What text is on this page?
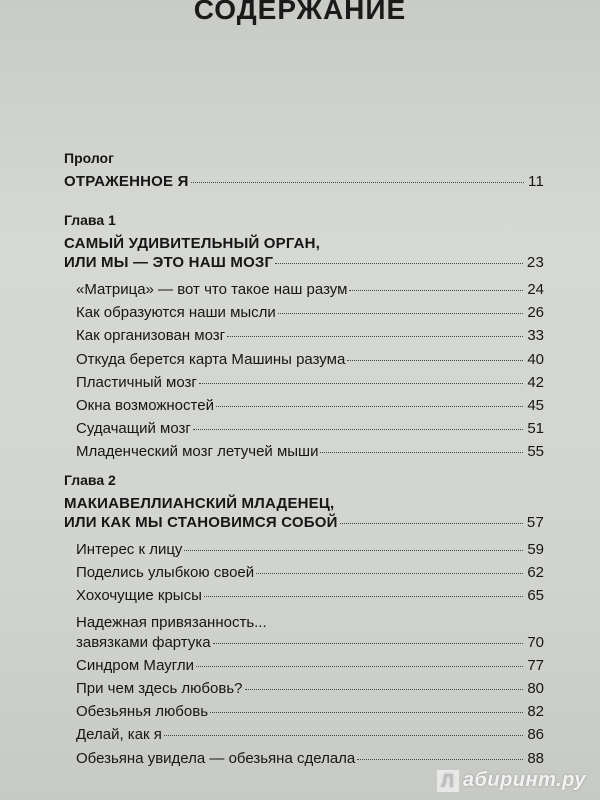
СОДЕРЖАНИЕ
Пролог
ОТРАЖЕННОЕ Я	11
Глава 1
САМЫЙ УДИВИТЕЛЬНЫЙ ОРГАН,
ИЛИ МЫ — ЭТО НАШ МОЗГ	23
«Матрица» — вот что такое наш разум	24
Как образуются наши мысли	26
Как организован мозг	33
Откуда берется карта Машины разума	40
Пластичный мозг	42
Окна возможностей	45
Судачащий мозг	51
Младенческий мозг летучей мыши	55
Глава 2
МАКИАВЕЛЛИАНСКИЙ МЛАДЕНЕЦ,
ИЛИ КАК МЫ СТАНОВИМСЯ СОБОЙ	57
Интерес к лицу	59
Поделись улыбкою своей	62
Хохочущие крысы	65
Надежная привязанность...
завязками фартука	70
Синдром Маугли	77
При чем здесь любовь?	80
Обезьянья любовь	82
Делай, как я	86
Обезьяна увидела — обезьяна сделала	88
Л абиринт.ру
